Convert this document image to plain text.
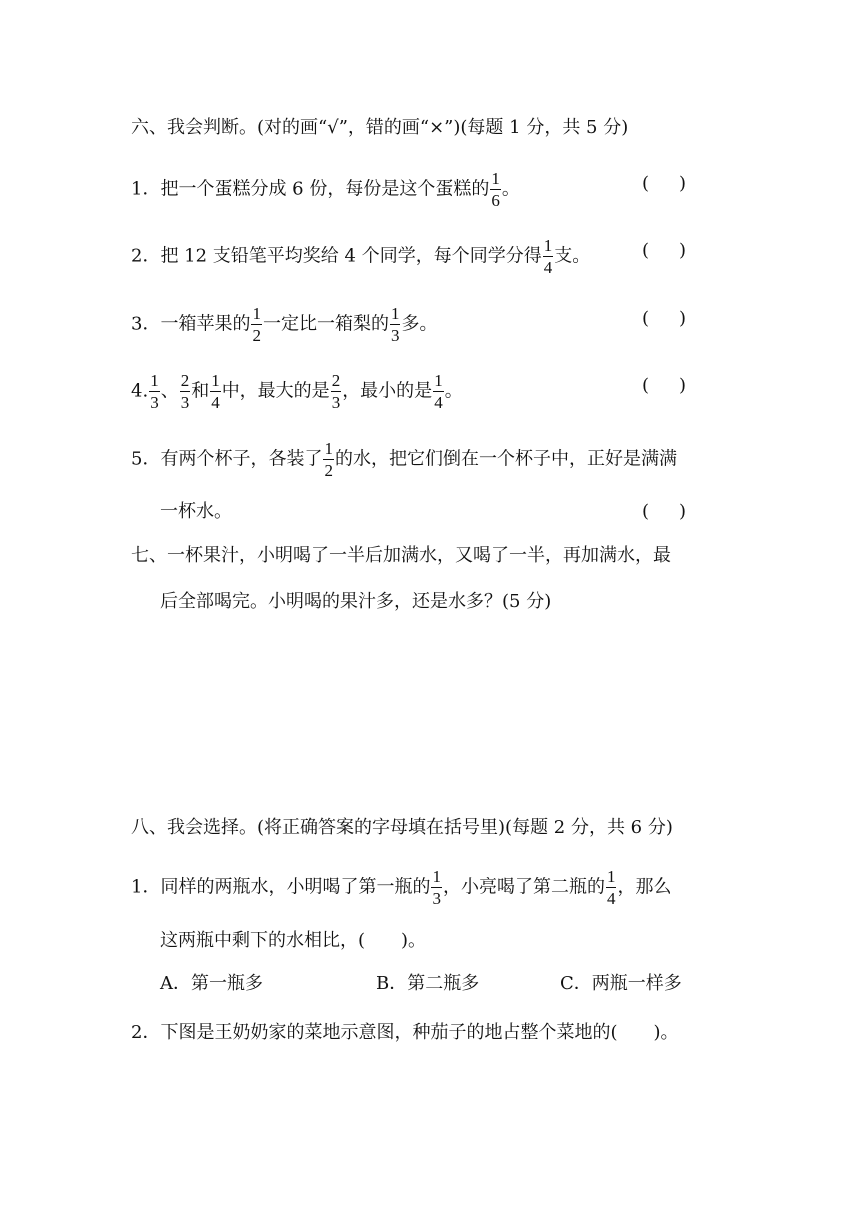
六、我会判断。(对的画“√”，错的画“×”)(每题 1 分，共 5 分)
1．把一个蛋糕分成 6 份，每份是这个蛋糕的 $\frac{1}{6}$ 。	( )
2．把 12 支铅笔平均奖给 4 个同学，每个同学分得 $\frac{1}{4}$ 支。	( )
3．一箱苹果的 $\frac{1}{2}$ 一定比一箱梨的 $\frac{1}{3}$ 多。	( )
4. $\frac{1}{3}$ 、 $\frac{2}{3}$ 和 $\frac{1}{4}$ 中，最大的是 $\frac{2}{3}$ ，最小的是 $\frac{1}{4}$ 。	( )
5．有两个杯子，各装了 $\frac{1}{2}$ 的水，把它们倒在一个杯子中，正好是满满
一杯水。	( )
七、一杯果汁，小明喝了一半后加满水，又喝了一半，再加满水，最
后全部喝完。小明喝的果汁多，还是水多？(5 分)
八、我会选择。(将正确答案的字母填在括号里)(每题 2 分，共 6 分)
1．同样的两瓶水，小明喝了第一瓶的 $\frac{1}{3}$ ，小亮喝了第二瓶的 $\frac{1}{4}$ ，那么
这两瓶中剩下的水相比，(　　)。
A．第一瓶多	B．第二瓶多	C．两瓶一样多
2．下图是王奶奶家的菜地示意图，种茄子的地占整个菜地的(　　)。
